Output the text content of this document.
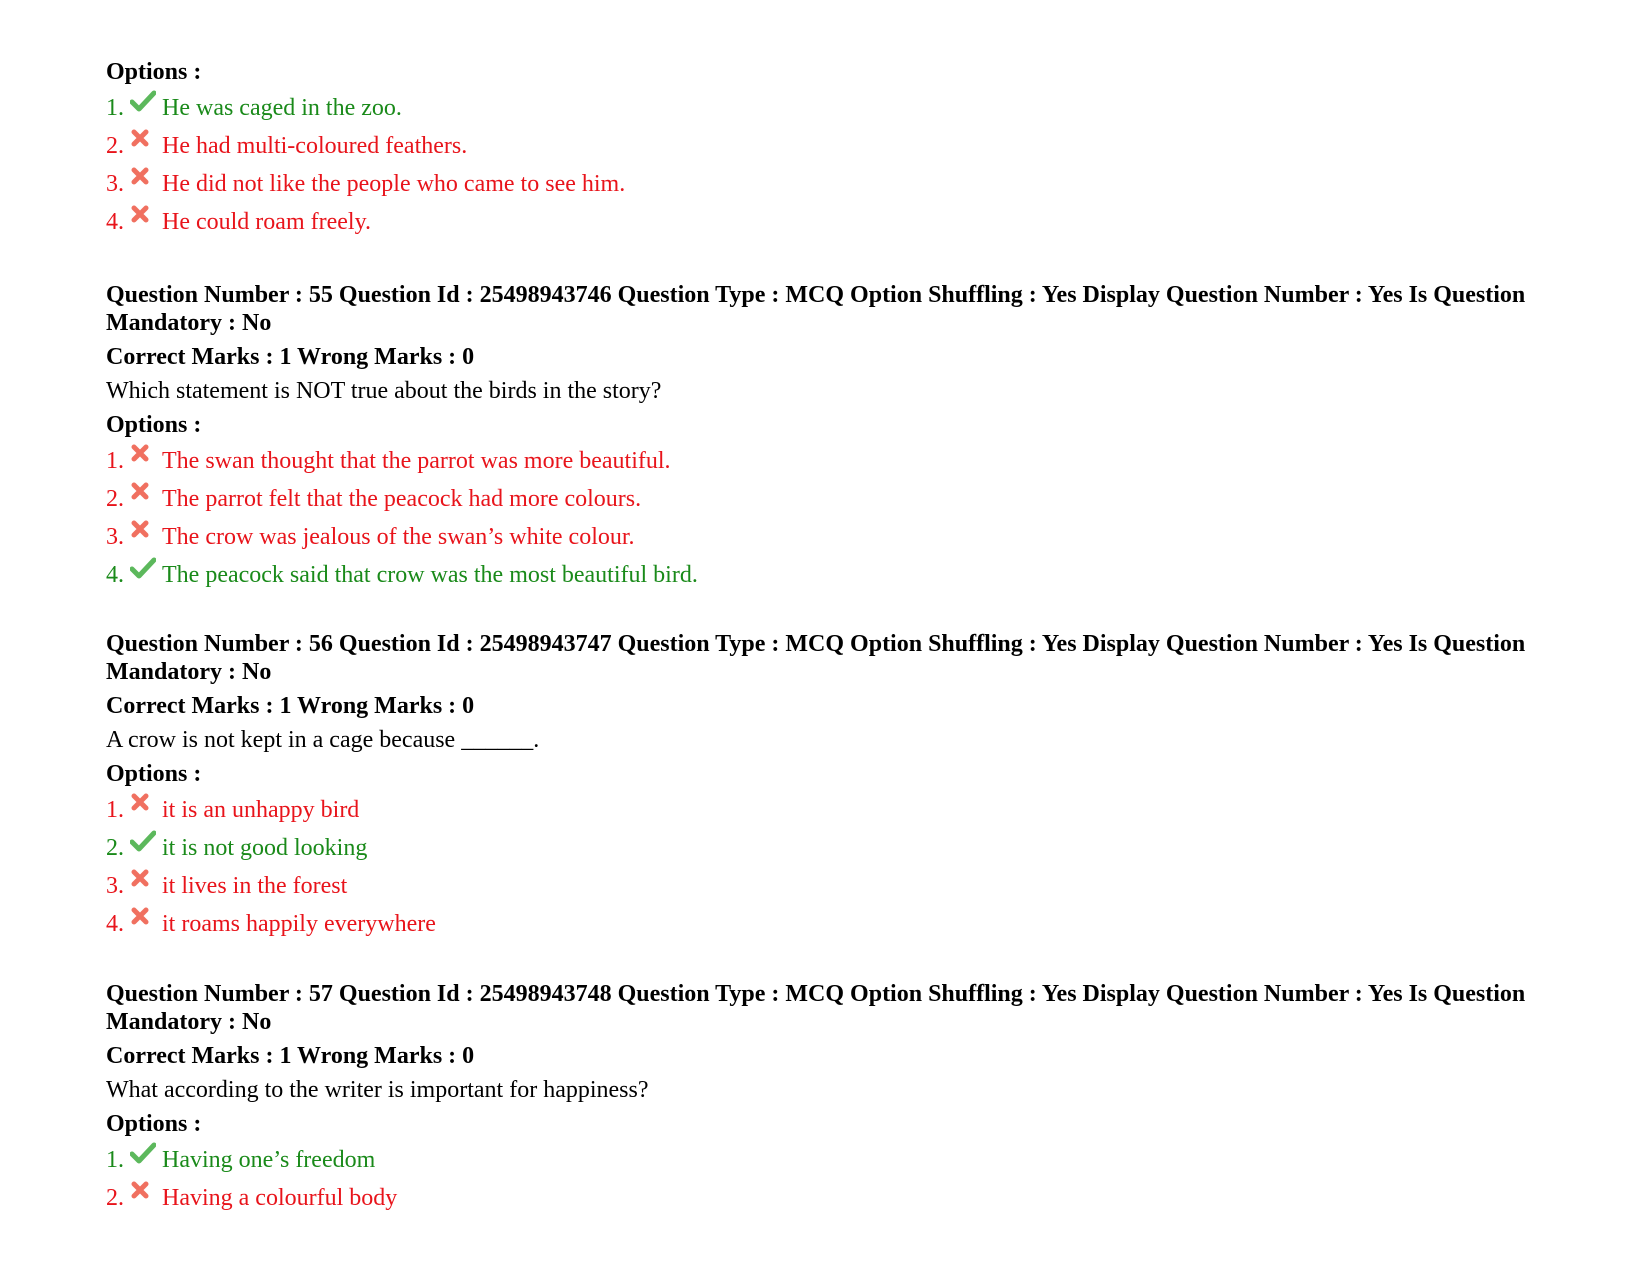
Options :
1. He was caged in the zoo.
2. He had multi-coloured feathers.
3. He did not like the people who came to see him.
4. He could roam freely.
Question Number : 55 Question Id : 25498943746 Question Type : MCQ Option Shuffling : Yes Display Question Number : Yes Is Question Mandatory : No
Correct Marks : 1 Wrong Marks : 0
Which statement is NOT true about the birds in the story?
Options :
1. The swan thought that the parrot was more beautiful.
2. The parrot felt that the peacock had more colours.
3. The crow was jealous of the swan’s white colour.
4. The peacock said that crow was the most beautiful bird.
Question Number : 56 Question Id : 25498943747 Question Type : MCQ Option Shuffling : Yes Display Question Number : Yes Is Question Mandatory : No
Correct Marks : 1 Wrong Marks : 0
A crow is not kept in a cage because ______.
Options :
1. it is an unhappy bird
2. it is not good looking
3. it lives in the forest
4. it roams happily everywhere
Question Number : 57 Question Id : 25498943748 Question Type : MCQ Option Shuffling : Yes Display Question Number : Yes Is Question Mandatory : No
Correct Marks : 1 Wrong Marks : 0
What according to the writer is important for happiness?
Options :
1. Having one’s freedom
2. Having a colourful body
